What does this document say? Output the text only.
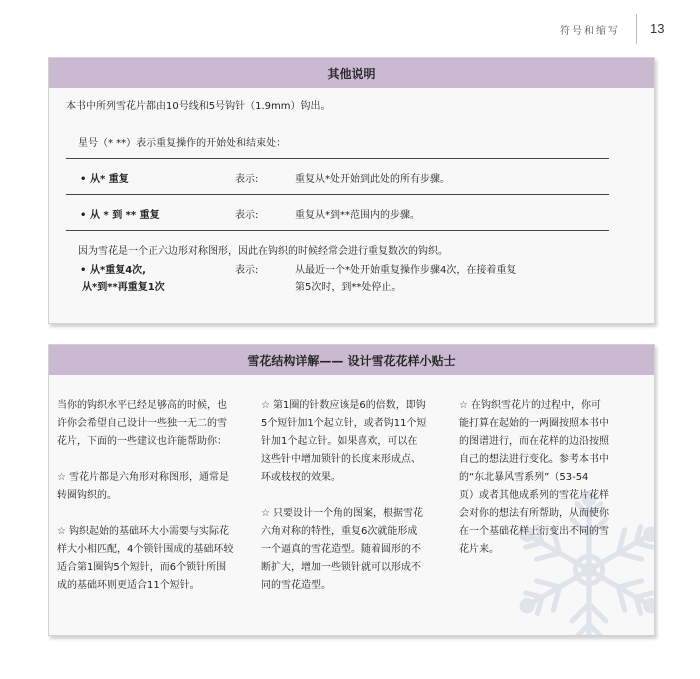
符号和缩写 13
其他说明
本书中所列雪花片都由10号线和5号钩针（1.9mm）钩出。
星号（* **）表示重复操作的开始处和结束处：
• 从* 重复	表示:	重复从*处开始到此处的所有步骤。
• 从 * 到 ** 重复	表示:	重复从*到**范围内的步骤。
因为雪花是一个正六边形对称图形，因此在钩织的时候经常会进行重复数次的钩织。
• 从*重复4次,
从*到**再重复1次
表示:	从最近一个*处开始重复操作步骤4次，在接着重复
第5次时，到**处停止。
雪花结构详解—— 设计雪花花样小贴士

当你的钩织水平已经足够高的时候，也
许你会希望自己设计一些独一无二的雪
花片，下面的一些建议也许能帮助你：

☆ 雪花片都是六角形对称图形，通常是
转圈钩织的。

☆ 钩织起始的基础环大小需要与实际花
样大小相匹配，4个锁针围成的基础环较
适合第1圈钩5个短针，而6个锁针所围
成的基础环则更适合11个短针。

☆ 第1圈的针数应该是6的倍数，即钩
5个短针加1个起立针，或者钩11个短
针加1个起立针。如果喜欢，可以在
这些针中增加锁针的长度来形成点、
环或枝杈的效果。

☆ 只要设计一个角的图案，根据雪花
六角对称的特性，重复6次就能形成
一个逼真的雪花造型。随着圆形的不
断扩大，增加一些锁针就可以形成不
同的雪花造型。

☆ 在钩织雪花片的过程中，你可
能打算在起始的一两圈按照本书中
的图谱进行，而在花样的边沿按照
自己的想法进行变化。参考本书中
的“东北暴风雪系列”（53-54
页）或者其他成系列的雪花片花样
会对你的想法有所帮助，从而使你
在一个基础花样上衍变出不同的雪
花片来。
